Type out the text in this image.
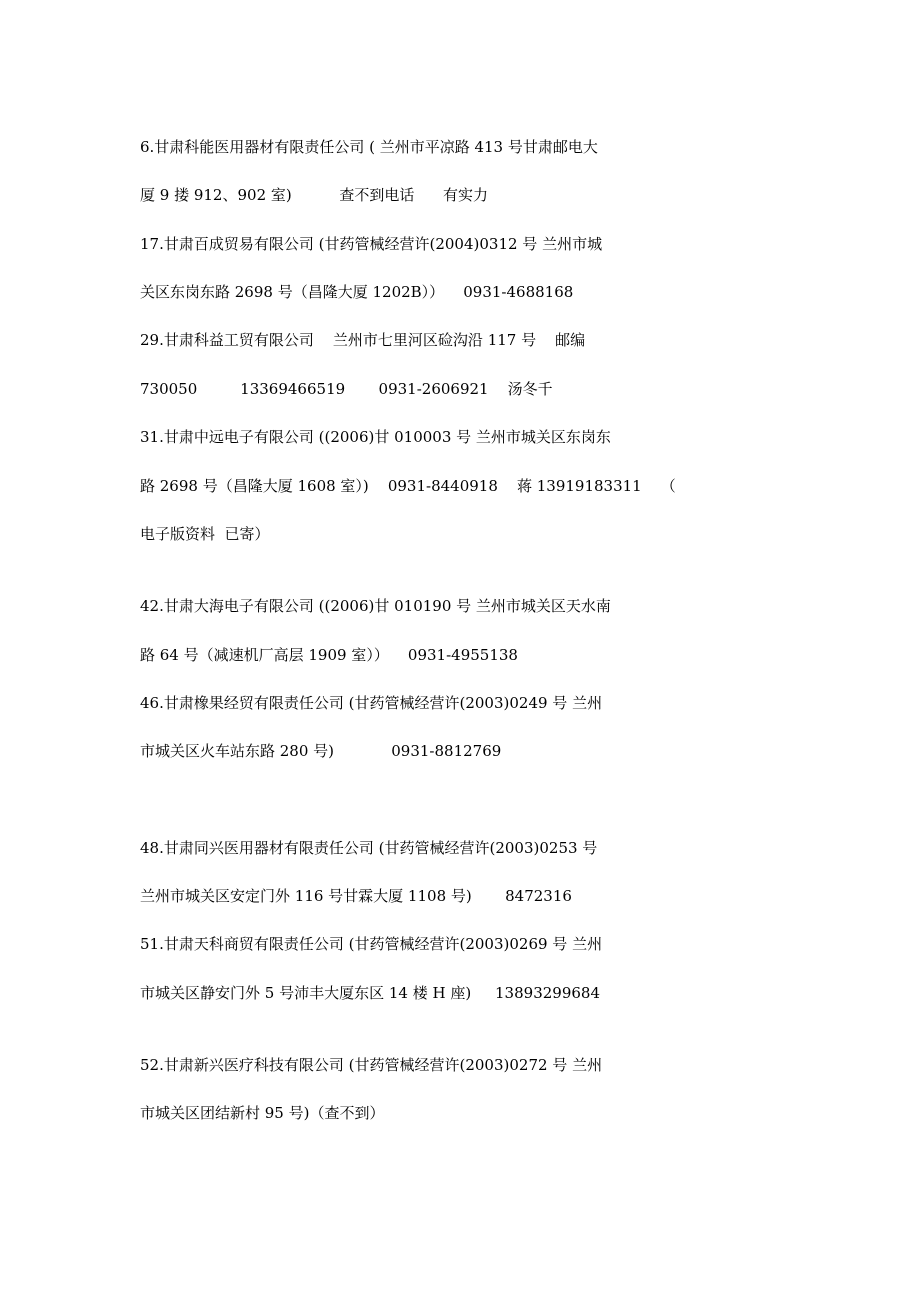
6.甘肃科能医用器材有限责任公司 ( 兰州市平凉路 413 号甘肃邮电大
厦 9 搂 912、902 室)          查不到电话      有实力
17.甘肃百成贸易有限公司 (甘药管械经营许(2004)0312 号 兰州市城
关区东岗东路 2698 号（昌隆大厦 1202B））    0931-4688168
29.甘肃科益工贸有限公司    兰州市七里河区硷沟沿 117 号    邮编
730050         13369466519       0931-2606921    汤冬千
31.甘肃中远电子有限公司 ((2006)甘 010003 号 兰州市城关区东岗东
路 2698 号（昌隆大厦 1608 室）)    0931-8440918    蒋 13919183311    （
电子版资料  已寄）
42.甘肃大海电子有限公司 ((2006)甘 010190 号 兰州市城关区天水南
路 64 号（减速机厂高层 1909 室））    0931-4955138
46.甘肃橡果经贸有限责任公司 (甘药管械经营许(2003)0249 号 兰州
市城关区火车站东路 280 号)            0931-8812769
48.甘肃同兴医用器材有限责任公司 (甘药管械经营许(2003)0253 号
兰州市城关区安定门外 116 号甘霖大厦 1108 号)       8472316
51.甘肃天科商贸有限责任公司 (甘药管械经营许(2003)0269 号 兰州
市城关区静安门外 5 号沛丰大厦东区 14 楼 H 座)     13893299684
52.甘肃新兴医疗科技有限公司 (甘药管械经营许(2003)0272 号 兰州
市城关区团结新村 95 号)（查不到）
